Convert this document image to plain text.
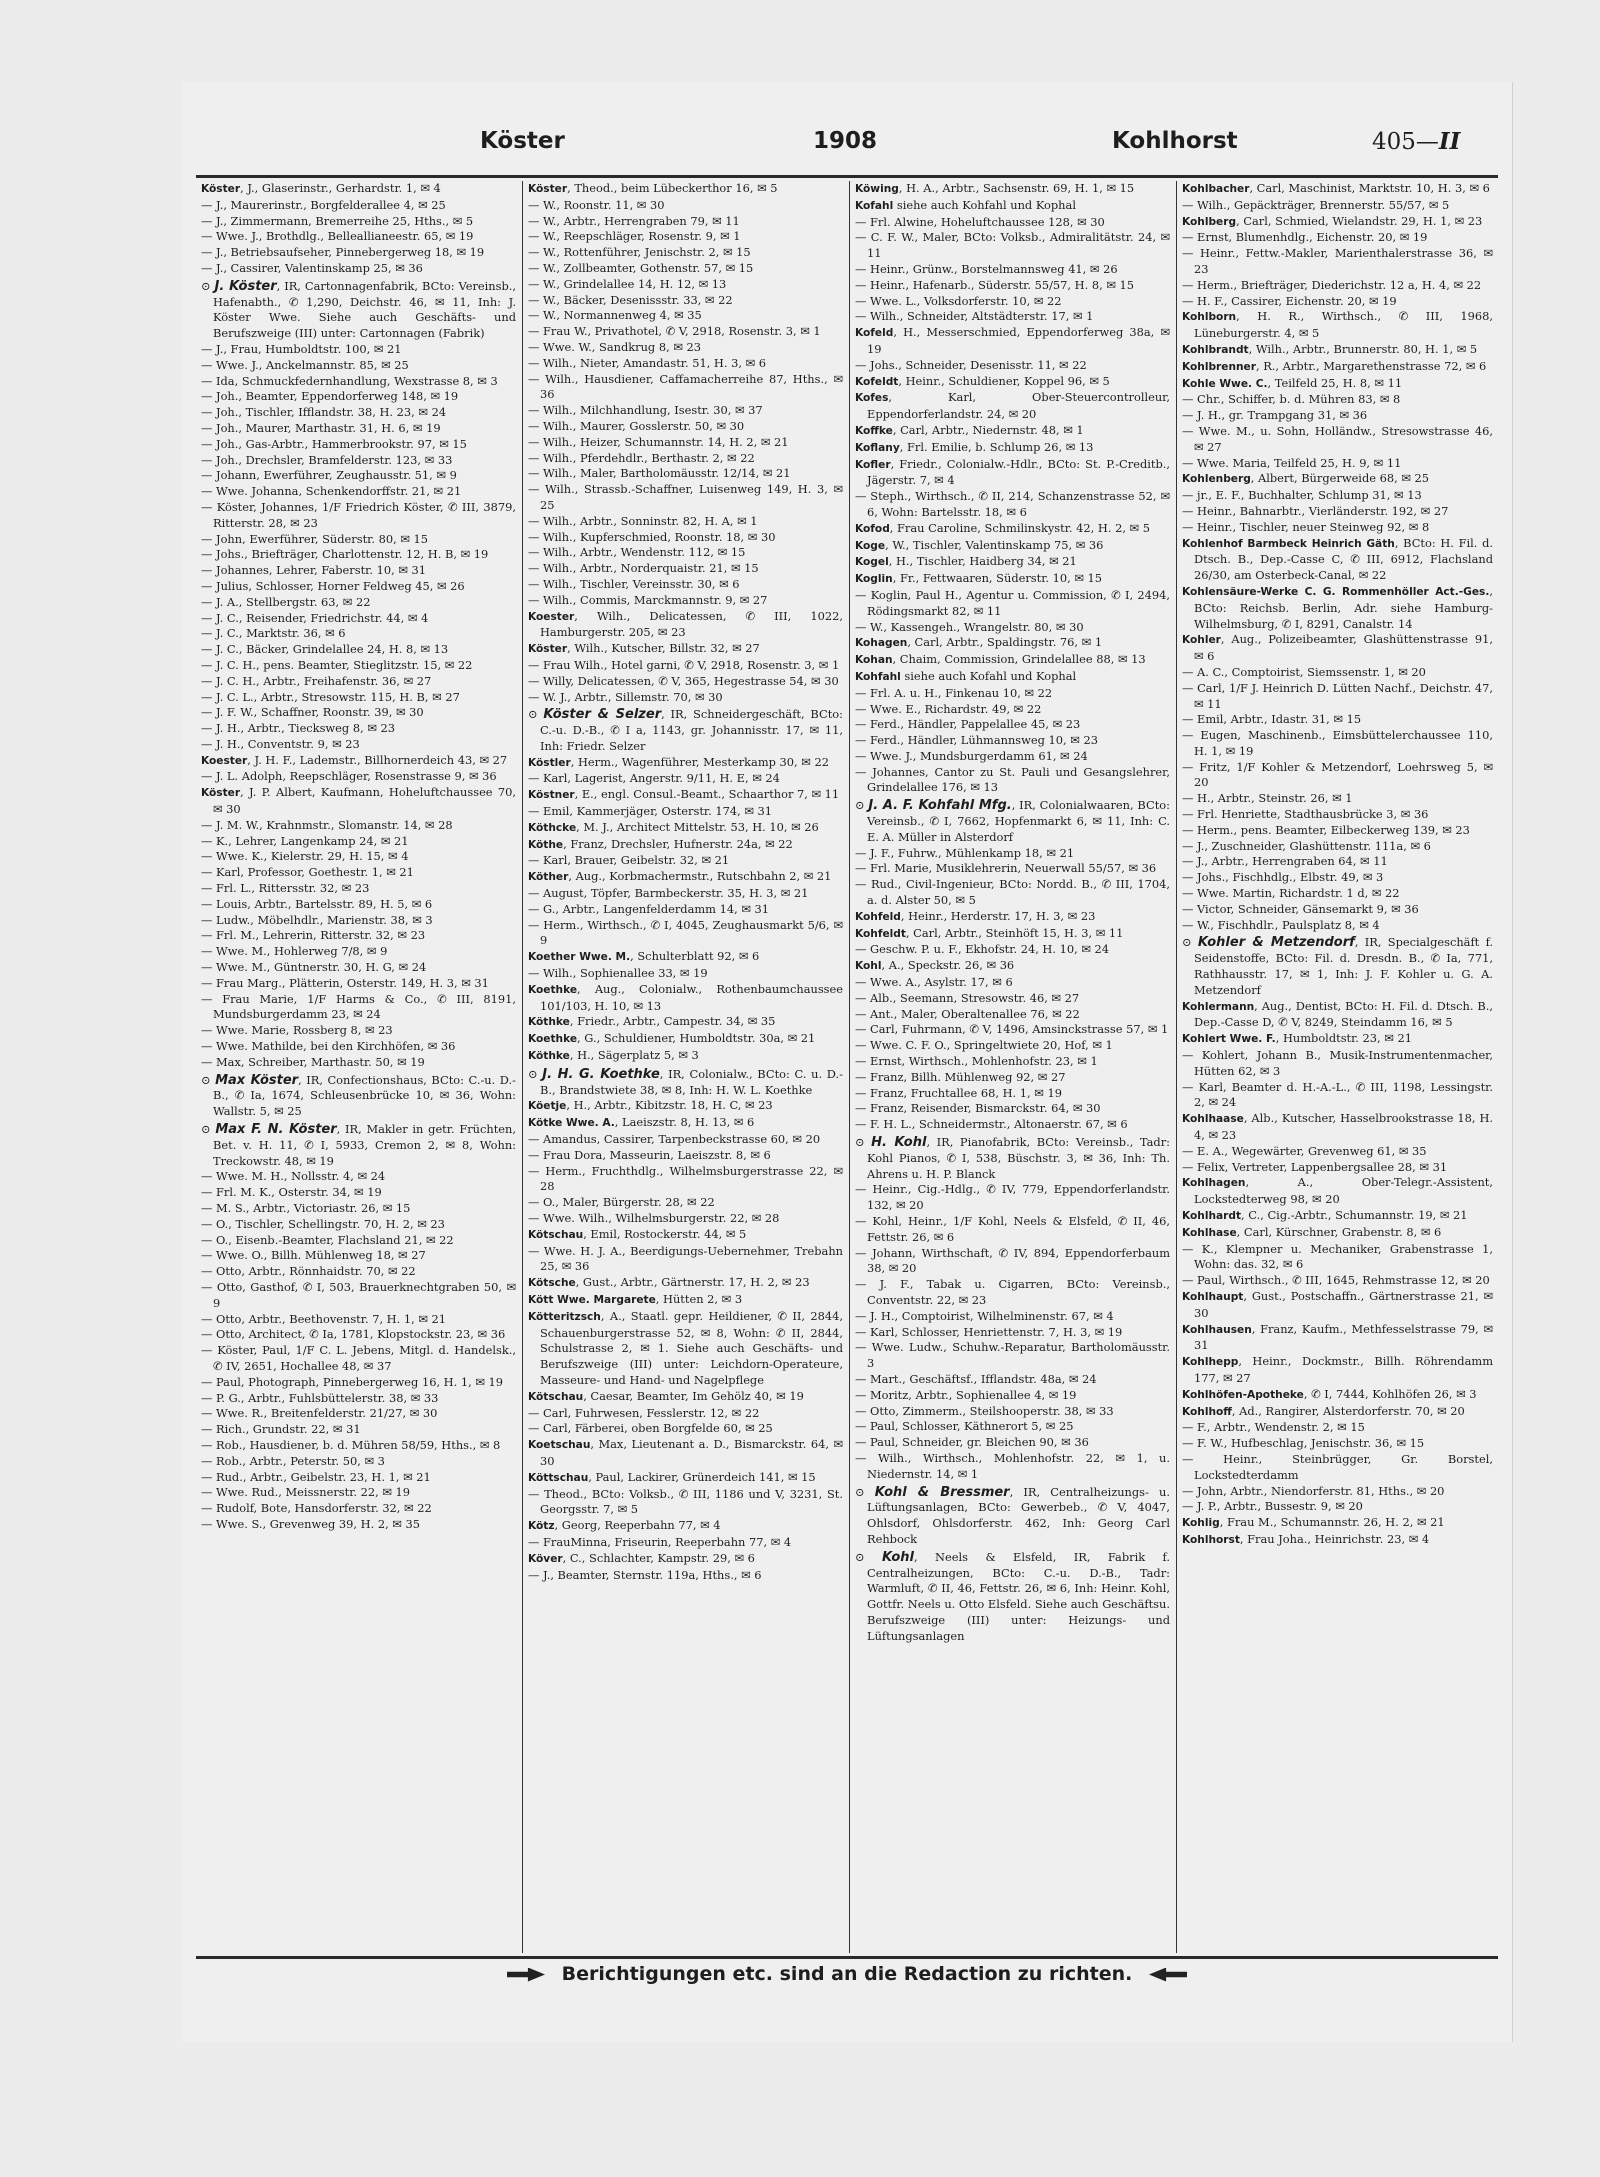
Köster	1908	Kohlhorst	405—II
Köster, J., Glaserinstr., Gerhardstr. 1, ✉ 4
— J., Maurerinstr., Borgfelderallee 4, ✉ 25
— J., Zimmermann, Bremerreihe 25, Hths., ✉ 5
— Wwe. J., Brothdlg., Belleallianeestr. 65, ✉ 19
— J., Betriebsaufseher, Pinnebergerweg 18, ✉ 19
— J., Cassirer, Valentinskamp 25, ✉ 36
⊙ J. Köster, IR, Cartonnagenfabrik, BCto: Vereinsb., Hafenabth., ✆ 1,290, Deichstr. 46, ✉ 11, Inh: J. Köster Wwe. Siehe auch Geschäfts- und Berufszweige (III) unter: Cartonnagen (Fabrik)
— J., Frau, Humboldtstr. 100, ✉ 21
— Wwe. J., Anckelmannstr. 85, ✉ 25
— Ida, Schmuckfedernhandlung, Wexstrasse 8, ✉ 3
— Joh., Beamter, Eppendorferweg 148, ✉ 19
— Joh., Tischler, Ifflandstr. 38, H. 23, ✉ 24
— Joh., Maurer, Marthastr. 31, H. 6, ✉ 19
— Joh., Gas-Arbtr., Hammerbrookstr. 97, ✉ 15
— Joh., Drechsler, Bramfelderstr. 123, ✉ 33
— Johann, Ewerführer, Zeughausstr. 51, ✉ 9
— Wwe. Johanna, Schenkendorffstr. 21, ✉ 21
— Köster, Johannes, 1/F Friedrich Köster, ✆ III, 3879, Ritterstr. 28, ✉ 23
— John, Ewerführer, Süderstr. 80, ✉ 15
— Johs., Briefträger, Charlottenstr. 12, H. B, ✉ 19
— Johannes, Lehrer, Faberstr. 10, ✉ 31
— Julius, Schlosser, Horner Feldweg 45, ✉ 26
— J. A., Stellbergstr. 63, ✉ 22
— J. C., Reisender, Friedrichstr. 44, ✉ 4
— J. C., Marktstr. 36, ✉ 6
— J. C., Bäcker, Grindelallee 24, H. 8, ✉ 13
— J. C. H., pens. Beamter, Stieglitzstr. 15, ✉ 22
— J. C. H., Arbtr., Freihafenstr. 36, ✉ 27
— J. C. L., Arbtr., Stresowstr. 115, H. B, ✉ 27
— J. F. W., Schaffner, Roonstr. 39, ✉ 30
— J. H., Arbtr., Tiecksweg 8, ✉ 23
— J. H., Conventstr. 9, ✉ 23
Koester, J. H. F., Lademstr., Billhornerdeich 43, ✉ 27
— J. L. Adolph, Reepschläger, Rosenstrasse 9, ✉ 36
Köster, J. P. Albert, Kaufmann, Hoheluftchaussee 70, ✉ 30
— J. M. W., Krahnmstr., Slomanstr. 14, ✉ 28
— K., Lehrer, Langenkamp 24, ✉ 21
— Wwe. K., Kielerstr. 29, H. 15, ✉ 4
— Karl, Professor, Goethestr. 1, ✉ 21
— Frl. L., Rittersstr. 32, ✉ 23
— Louis, Arbtr., Bartelsstr. 89, H. 5, ✉ 6
— Ludw., Möbelhdlr., Marienstr. 38, ✉ 3
— Frl. M., Lehrerin, Ritterstr. 32, ✉ 23
— Wwe. M., Hohlerweg 7/8, ✉ 9
— Wwe. M., Güntnerstr. 30, H. G, ✉ 24
— Frau Marg., Plätterin, Osterstr. 149, H. 3, ✉ 31
— Frau Marie, 1/F Harms & Co., ✆ III, 8191, Mundsburgerdamm 23, ✉ 24
— Wwe. Marie, Rossberg 8, ✉ 23
— Wwe. Mathilde, bei den Kirchhöfen, ✉ 36
— Max, Schreiber, Marthastr. 50, ✉ 19
⊙ Max Köster, IR, Confectionshaus, BCto: C.-u. D.-B., ✆ Ia, 1674, Schleusenbrücke 10, ✉ 36, Wohn: Wallstr. 5, ✉ 25
⊙ Max F. N. Köster, IR, Makler in getr. Früchten, Bet. v. H. 11, ✆ I, 5933, Cremon 2, ✉ 8, Wohn: Treckowstr. 48, ✉ 19
— Wwe. M. H., Nollsstr. 4, ✉ 24
— Frl. M. K., Osterstr. 34, ✉ 19
— M. S., Arbtr., Victoriastr. 26, ✉ 15
— O., Tischler, Schellingstr. 70, H. 2, ✉ 23
— O., Eisenb.-Beamter, Flachsland 21, ✉ 22
— Wwe. O., Billh. Mühlenweg 18, ✉ 27
— Otto, Arbtr., Rönnhaidstr. 70, ✉ 22
— Otto, Gasthof, ✆ I, 503, Brauerknechtgraben 50, ✉ 9
— Otto, Arbtr., Beethovenstr. 7, H. 1, ✉ 21
— Otto, Architect, ✆ Ia, 1781, Klopstockstr. 23, ✉ 36
— Köster, Paul, 1/F C. L. Jebens, Mitgl. d. Handelsk., ✆ IV, 2651, Hochallee 48, ✉ 37
— Paul, Photograph, Pinnebergerweg 16, H. 1, ✉ 19
— P. G., Arbtr., Fuhlsbüttelerstr. 38, ✉ 33
— Wwe. R., Breitenfelderstr. 21/27, ✉ 30
— Rich., Grundstr. 22, ✉ 31
— Rob., Hausdiener, b. d. Mühren 58/59, Hths., ✉ 8
— Rob., Arbtr., Peterstr. 50, ✉ 3
— Rud., Arbtr., Geibelstr. 23, H. 1, ✉ 21
— Wwe. Rud., Meissnerstr. 22, ✉ 19
— Rudolf, Bote, Hansdorferstr. 32, ✉ 22
— Wwe. S., Grevenweg 39, H. 2, ✉ 35
Köster, Theod., beim Lübeckerthor 16, ✉ 5
— W., Roonstr. 11, ✉ 30
— W., Arbtr., Herrengraben 79, ✉ 11
— W., Reepschläger, Rosenstr. 9, ✉ 1
— W., Rottenführer, Jenischstr. 2, ✉ 15
— W., Zollbeamter, Gothenstr. 57, ✉ 15
— W., Grindelallee 14, H. 12, ✉ 13
— W., Bäcker, Desenissstr. 33, ✉ 22
— W., Normannenweg 4, ✉ 35
— Frau W., Privathotel, ✆ V, 2918, Rosenstr. 3, ✉ 1
— Wwe. W., Sandkrug 8, ✉ 23
— Wilh., Nieter, Amandastr. 51, H. 3, ✉ 6
— Wilh., Hausdiener, Caffamacherreihe 87, Hths., ✉ 36
— Wilh., Milchhandlung, Isestr. 30, ✉ 37
— Wilh., Maurer, Gosslerstr. 50, ✉ 30
— Wilh., Heizer, Schumannstr. 14, H. 2, ✉ 21
— Wilh., Pferdehdlr., Berthastr. 2, ✉ 22
— Wilh., Maler, Bartholomäusstr. 12/14, ✉ 21
— Wilh., Strassb.-Schaffner, Luisenweg 149, H. 3, ✉ 25
— Wilh., Arbtr., Sonninstr. 82, H. A, ✉ 1
— Wilh., Kupferschmied, Roonstr. 18, ✉ 30
— Wilh., Arbtr., Wendenstr. 112, ✉ 15
— Wilh., Arbtr., Norderquaistr. 21, ✉ 15
— Wilh., Tischler, Vereinsstr. 30, ✉ 6
— Wilh., Commis, Marckmannstr. 9, ✉ 27
Koester, Wilh., Delicatessen, ✆ III, 1022, Hamburgerstr. 205, ✉ 23
Köster, Wilh., Kutscher, Billstr. 32, ✉ 27
— Frau Wilh., Hotel garni, ✆ V, 2918, Rosenstr. 3, ✉ 1
— Willy, Delicatessen, ✆ V, 365, Hegestrasse 54, ✉ 30
— W. J., Arbtr., Sillemstr. 70, ✉ 30
⊙ Köster & Selzer, IR, Schneidergeschäft, BCto: C.-u. D.-B., ✆ I a, 1143, gr. Johannisstr. 17, ✉ 11, Inh: Friedr. Selzer
Köstler, Herm., Wagenführer, Mesterkamp 30, ✉ 22
— Karl, Lagerist, Angerstr. 9/11, H. E, ✉ 24
Köstner, E., engl. Consul.-Beamt., Schaarthor 7, ✉ 11
— Emil, Kammerjäger, Osterstr. 174, ✉ 31
Köthcke, M. J., Architect Mittelstr. 53, H. 10, ✉ 26
Köthe, Franz, Drechsler, Hufnerstr. 24a, ✉ 22
— Karl, Brauer, Geibelstr. 32, ✉ 21
Köther, Aug., Korbmachermstr., Rutschbahn 2, ✉ 21
— August, Töpfer, Barmbeckerstr. 35, H. 3, ✉ 21
— G., Arbtr., Langenfelderdamm 14, ✉ 31
— Herm., Wirthsch., ✆ I, 4045, Zeughausmarkt 5/6, ✉ 9
Koether Wwe. M., Schulterblatt 92, ✉ 6
— Wilh., Sophienallee 33, ✉ 19
Koethke, Aug., Colonialw., Rothenbaumchaussee 101/103, H. 10, ✉ 13
Köthke, Friedr., Arbtr., Campestr. 34, ✉ 35
Koethke, G., Schuldiener, Humboldtstr. 30a, ✉ 21
Köthke, H., Sägerplatz 5, ✉ 3
⊙ J. H. G. Koethke, IR, Colonialw., BCto: C. u. D.-B., Brandstwiete 38, ✉ 8, Inh: H. W. L. Koethke
Köetje, H., Arbtr., Kibitzstr. 18, H. C, ✉ 23
Kötke Wwe. A., Laeiszstr. 8, H. 13, ✉ 6
— Amandus, Cassirer, Tarpenbeckstrasse 60, ✉ 20
— Frau Dora, Masseurin, Laeiszstr. 8, ✉ 6
— Herm., Fruchthdlg., Wilhelmsburgerstrasse 22, ✉ 28
— O., Maler, Bürgerstr. 28, ✉ 22
— Wwe. Wilh., Wilhelmsburgerstr. 22, ✉ 28
Kötschau, Emil, Rostockerstr. 44, ✉ 5
— Wwe. H. J. A., Beerdigungs-Uebernehmer, Trebahn 25, ✉ 36
Kötsche, Gust., Arbtr., Gärtnerstr. 17, H. 2, ✉ 23
Kött Wwe. Margarete, Hütten 2, ✉ 3
Kötteritzsch, A., Staatl. gepr. Heildiener, ✆ II, 2844, Schauenburgerstrasse 52, ✉ 8, Wohn: ✆ II, 2844, Schulstrasse 2, ✉ 1. Siehe auch Geschäfts- und Berufszweige (III) unter: Leichdorn-Operateure, Masseure- und Hand- und Nagelpflege
Kötschau, Caesar, Beamter, Im Gehölz 40, ✉ 19
— Carl, Fuhrwesen, Fesslerstr. 12, ✉ 22
— Carl, Färberei, oben Borgfelde 60, ✉ 25
Koetschau, Max, Lieutenant a. D., Bismarckstr. 64, ✉ 30
Köttschau, Paul, Lackirer, Grünerdeich 141, ✉ 15
— Theod., BCto: Volksb., ✆ III, 1186 und V, 3231, St. Georgsstr. 7, ✉ 5
Kötz, Georg, Reeperbahn 77, ✉ 4
— FrauMinna, Friseurin, Reeperbahn 77, ✉ 4
Köver, C., Schlachter, Kampstr. 29, ✉ 6
— J., Beamter, Sternstr. 119a, Hths., ✉ 6
Köwing, H. A., Arbtr., Sachsenstr. 69, H. 1, ✉ 15
Kofahl siehe auch Kohfahl und Kophal
— Frl. Alwine, Hoheluftchaussee 128, ✉ 30
— C. F. W., Maler, BCto: Volksb., Admiralitätstr. 24, ✉ 11
— Heinr., Grünw., Borstelmannsweg 41, ✉ 26
— Heinr., Hafenarb., Süderstr. 55/57, H. 8, ✉ 15
— Wwe. L., Volksdorferstr. 10, ✉ 22
— Wilh., Schneider, Altstädterstr. 17, ✉ 1
Kofeld, H., Messerschmied, Eppendorferweg 38a, ✉ 19
— Johs., Schneider, Desenisstr. 11, ✉ 22
Kofeldt, Heinr., Schuldiener, Koppel 96, ✉ 5
Kofes, Karl, Ober-Steuercontrolleur, Eppendorferlandstr. 24, ✉ 20
Koffke, Carl, Arbtr., Niedernstr. 48, ✉ 1
Koflany, Frl. Emilie, b. Schlump 26, ✉ 13
Kofler, Friedr., Colonialw.-Hdlr., BCto: St. P.-Creditb., Jägerstr. 7, ✉ 4
— Steph., Wirthsch., ✆ II, 214, Schanzenstrasse 52, ✉ 6, Wohn: Bartelsstr. 18, ✉ 6
Kofod, Frau Caroline, Schmilinskystr. 42, H. 2, ✉ 5
Koge, W., Tischler, Valentinskamp 75, ✉ 36
Kogel, H., Tischler, Haidberg 34, ✉ 21
Koglin, Fr., Fettwaaren, Süderstr. 10, ✉ 15
— Koglin, Paul H., Agentur u. Commission, ✆ I, 2494, Rödingsmarkt 82, ✉ 11
— W., Kassengeh., Wrangelstr. 80, ✉ 30
Kohagen, Carl, Arbtr., Spaldingstr. 76, ✉ 1
Kohan, Chaim, Commission, Grindelallee 88, ✉ 13
Kohfahl siehe auch Kofahl und Kophal
— Frl. A. u. H., Finkenau 10, ✉ 22
— Wwe. E., Richardstr. 49, ✉ 22
— Ferd., Händler, Pappelallee 45, ✉ 23
— Ferd., Händler, Lühmannsweg 10, ✉ 23
— Wwe. J., Mundsburgerdamm 61, ✉ 24
— Johannes, Cantor zu St. Pauli und Gesangslehrer, Grindelallee 176, ✉ 13
⊙ J. A. F. Kohfahl Mfg., IR, Colonialwaaren, BCto: Vereinsb., ✆ I, 7662, Hopfenmarkt 6, ✉ 11, Inh: C. E. A. Müller in Alsterdorf
— J. F., Fuhrw., Mühlenkamp 18, ✉ 21
— Frl. Marie, Musiklehrerin, Neuerwall 55/57, ✉ 36
— Rud., Civil-Ingenieur, BCto: Nordd. B., ✆ III, 1704, a. d. Alster 50, ✉ 5
Kohfeld, Heinr., Herderstr. 17, H. 3, ✉ 23
Kohfeldt, Carl, Arbtr., Steinhöft 15, H. 3, ✉ 11
— Geschw. P. u. F., Ekhofstr. 24, H. 10, ✉ 24
Kohl, A., Speckstr. 26, ✉ 36
— Wwe. A., Asylstr. 17, ✉ 6
— Alb., Seemann, Stresowstr. 46, ✉ 27
— Ant., Maler, Oberaltenallee 76, ✉ 22
— Carl, Fuhrmann, ✆ V, 1496, Amsinckstrasse 57, ✉ 1
— Wwe. C. F. O., Springeltwiete 20, Hof, ✉ 1
— Ernst, Wirthsch., Mohlenhofstr. 23, ✉ 1
— Franz, Billh. Mühlenweg 92, ✉ 27
— Franz, Fruchtallee 68, H. 1, ✉ 19
— Franz, Reisender, Bismarckstr. 64, ✉ 30
— F. H. L., Schneidermstr., Altonaerstr. 67, ✉ 6
⊙ H. Kohl, IR, Pianofabrik, BCto: Vereinsb., Tadr: Kohl Pianos, ✆ I, 538, Büschstr. 3, ✉ 36, Inh: Th. Ahrens u. H. P. Blanck
— Heinr., Cig.-Hdlg., ✆ IV, 779, Eppendorferlandstr. 132, ✉ 20
— Kohl, Heinr., 1/F Kohl, Neels & Elsfeld, ✆ II, 46, Fettstr. 26, ✉ 6
— Johann, Wirthschaft, ✆ IV, 894, Eppendorferbaum 38, ✉ 20
— J. F., Tabak u. Cigarren, BCto: Vereinsb., Conventstr. 22, ✉ 23
— J. H., Comptoirist, Wilhelminenstr. 67, ✉ 4
— Karl, Schlosser, Henriettenstr. 7, H. 3, ✉ 19
— Wwe. Ludw., Schuhw.-Reparatur, Bartholomäusstr. 3
— Mart., Geschäftsf., Ifflandstr. 48a, ✉ 24
— Moritz, Arbtr., Sophienallee 4, ✉ 19
— Otto, Zimmerm., Steilshooperstr. 38, ✉ 33
— Paul, Schlosser, Käthnerort 5, ✉ 25
— Paul, Schneider, gr. Bleichen 90, ✉ 36
— Wilh., Wirthsch., Mohlenhofstr. 22, ✉ 1, u. Niedernstr. 14, ✉ 1
⊙ Kohl & Bressmer, IR, Centralheizungs- u. Lüftungsanlagen, BCto: Gewerbeb., ✆ V, 4047, Ohlsdorf, Ohlsdorferstr. 462, Inh: Georg Carl Rehbock
⊙ Kohl, Neels & Elsfeld, IR, Fabrik f. Centralheizungen, BCto: C.-u. D.-B., Tadr: Warmluft, ✆ II, 46, Fettstr. 26, ✉ 6, Inh: Heinr. Kohl, Gottfr. Neels u. Otto Elsfeld. Siehe auch Geschäftsu. Berufszweige (III) unter: Heizungs- und Lüftungsanlagen
Kohlbacher, Carl, Maschinist, Marktstr. 10, H. 3, ✉ 6
— Wilh., Gepäckträger, Brennerstr. 55/57, ✉ 5
Kohlberg, Carl, Schmied, Wielandstr. 29, H. 1, ✉ 23
— Ernst, Blumenhdlg., Eichenstr. 20, ✉ 19
— Heinr., Fettw.-Makler, Marienthalerstrasse 36, ✉ 23
— Herm., Briefträger, Diederichstr. 12 a, H. 4, ✉ 22
— H. F., Cassirer, Eichenstr. 20, ✉ 19
Kohlborn, H. R., Wirthsch., ✆ III, 1968, Lüneburgerstr. 4, ✉ 5
Kohlbrandt, Wilh., Arbtr., Brunnerstr. 80, H. 1, ✉ 5
Kohlbrenner, R., Arbtr., Margarethenstrasse 72, ✉ 6
Kohle Wwe. C., Teilfeld 25, H. 8, ✉ 11
— Chr., Schiffer, b. d. Mühren 83, ✉ 8
— J. H., gr. Trampgang 31, ✉ 36
— Wwe. M., u. Sohn, Holländw., Stresowstrasse 46, ✉ 27
— Wwe. Maria, Teilfeld 25, H. 9, ✉ 11
Kohlenberg, Albert, Bürgerweide 68, ✉ 25
— jr., E. F., Buchhalter, Schlump 31, ✉ 13
— Heinr., Bahnarbtr., Vierländerstr. 192, ✉ 27
— Heinr., Tischler, neuer Steinweg 92, ✉ 8
Kohlenhof Barmbeck Heinrich Gäth, BCto: H. Fil. d. Dtsch. B., Dep.-Casse C, ✆ III, 6912, Flachsland 26/30, am Osterbeck-Canal, ✉ 22
Kohlensäure-Werke C. G. Rommenhöller Act.-Ges., BCto: Reichsb. Berlin, Adr. siehe Hamburg-Wilhelmsburg, ✆ I, 8291, Canalstr. 14
Kohler, Aug., Polizeibeamter, Glashüttenstrasse 91, ✉ 6
— A. C., Comptoirist, Siemssenstr. 1, ✉ 20
— Carl, 1/F J. Heinrich D. Lütten Nachf., Deichstr. 47, ✉ 11
— Emil, Arbtr., Idastr. 31, ✉ 15
— Eugen, Maschinenb., Eimsbüttelerchaussee 110, H. 1, ✉ 19
— Fritz, 1/F Kohler & Metzendorf, Loehrsweg 5, ✉ 20
— H., Arbtr., Steinstr. 26, ✉ 1
— Frl. Henriette, Stadthausbrücke 3, ✉ 36
— Herm., pens. Beamter, Eilbeckerweg 139, ✉ 23
— J., Zuschneider, Glashüttenstr. 111a, ✉ 6
— J., Arbtr., Herrengraben 64, ✉ 11
— Johs., Fischhdlg., Elbstr. 49, ✉ 3
— Wwe. Martin, Richardstr. 1 d, ✉ 22
— Victor, Schneider, Gänsemarkt 9, ✉ 36
— W., Fischhdlr., Paulsplatz 8, ✉ 4
⊙ Kohler & Metzendorf, IR, Specialgeschäft f. Seidenstoffe, BCto: Fil. d. Dresdn. B., ✆ Ia, 771, Rathhausstr. 17, ✉ 1, Inh: J. F. Kohler u. G. A. Metzendorf
Kohlermann, Aug., Dentist, BCto: H. Fil. d. Dtsch. B., Dep.-Casse D, ✆ V, 8249, Steindamm 16, ✉ 5
Kohlert Wwe. F., Humboldtstr. 23, ✉ 21
— Kohlert, Johann B., Musik-Instrumentenmacher, Hütten 62, ✉ 3
— Karl, Beamter d. H.-A.-L., ✆ III, 1198, Lessingstr. 2, ✉ 24
Kohlhaase, Alb., Kutscher, Hasselbrookstrasse 18, H. 4, ✉ 23
— E. A., Wegewärter, Grevenweg 61, ✉ 35
— Felix, Vertreter, Lappenbergsallee 28, ✉ 31
Kohlhagen, A., Ober-Telegr.-Assistent, Lockstedterweg 98, ✉ 20
Kohlhardt, C., Cig.-Arbtr., Schumannstr. 19, ✉ 21
Kohlhase, Carl, Kürschner, Grabenstr. 8, ✉ 6
— K., Klempner u. Mechaniker, Grabenstrasse 1, Wohn: das. 32, ✉ 6
— Paul, Wirthsch., ✆ III, 1645, Rehmstrasse 12, ✉ 20
Kohlhaupt, Gust., Postschaffn., Gärtnerstrasse 21, ✉ 30
Kohlhausen, Franz, Kaufm., Methfesselstrasse 79, ✉ 31
Kohlhepp, Heinr., Dockmstr., Billh. Röhrendamm 177, ✉ 27
Kohlhöfen-Apotheke, ✆ I, 7444, Kohlhöfen 26, ✉ 3
Kohlhoff, Ad., Rangirer, Alsterdorferstr. 70, ✉ 20
— F., Arbtr., Wendenstr. 2, ✉ 15
— F. W., Hufbeschlag, Jenischstr. 36, ✉ 15
— Heinr., Steinbrügger, Gr. Borstel, Lockstedterdamm
— John, Arbtr., Niendorferstr. 81, Hths., ✉ 20
— J. P., Arbtr., Bussestr. 9, ✉ 20
Kohlig, Frau M., Schumannstr. 26, H. 2, ✉ 21
Kohlhorst, Frau Joha., Heinrichstr. 23, ✉ 4
Berichtigungen etc. sind an die Redaction zu richten.
